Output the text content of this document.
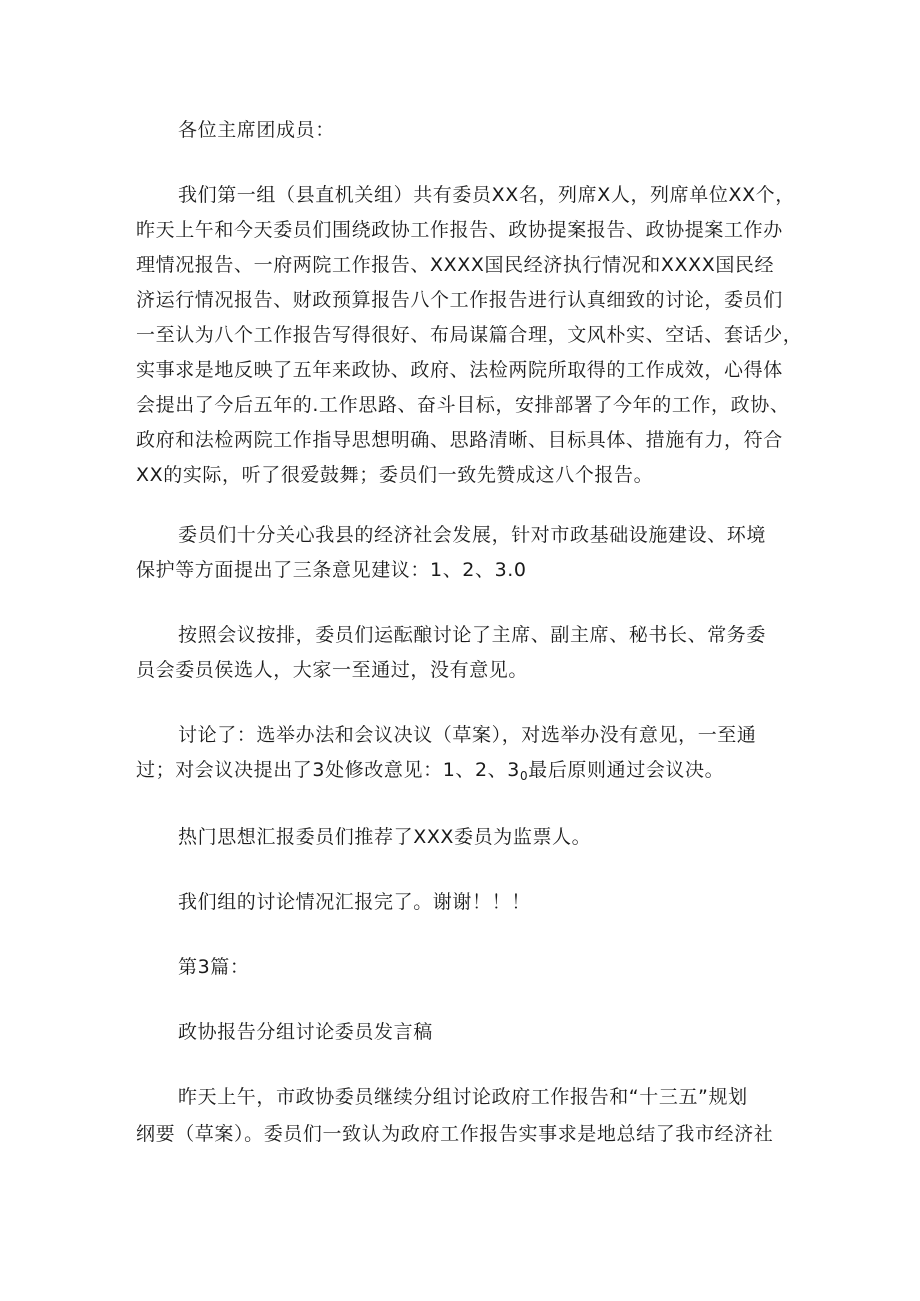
各位主席团成员：
我们第一组（县直机关组）共有委员XX名，列席X人，列席单位XX个，
昨天上午和今天委员们围绕政协工作报告、政协提案报告、政协提案工作办
理情况报告、一府两院工作报告、XXXX国民经济执行情况和XXXX国民经
济运行情况报告、财政预算报告八个工作报告进行认真细致的讨论，委员们
一至认为八个工作报告写得很好、布局谋篇合理，文风朴实、空话、套话少，
实事求是地反映了五年来政协、政府、法检两院所取得的工作成效，心得体
会提出了今后五年的.工作思路、奋斗目标，安排部署了今年的工作，政协、
政府和法检两院工作指导思想明确、思路清晰、目标具体、措施有力，符合
XX的实际，听了很爱鼓舞；委员们一致先赞成这八个报告。
委员们十分关心我县的经济社会发展，针对市政基础设施建设、环境
保护等方面提出了三条意见建议：1、2、3.0
按照会议按排，委员们运酝酿讨论了主席、副主席、秘书长、常务委
员会委员侯选人，大家一至通过，没有意见。
讨论了：选举办法和会议决议（草案），对选举办没有意见，一至通
过；对会议决提出了3处修改意见：1、2、$3_0$最后原则通过会议决。
热门思想汇报委员们推荐了XXX委员为监票人。
我们组的讨论情况汇报完了。谢谢！！！
第3篇：
政协报告分组讨论委员发言稿
昨天上午，市政协委员继续分组讨论政府工作报告和“十三五”规划
纲要（草案）。委员们一致认为政府工作报告实事求是地总结了我市经济社
